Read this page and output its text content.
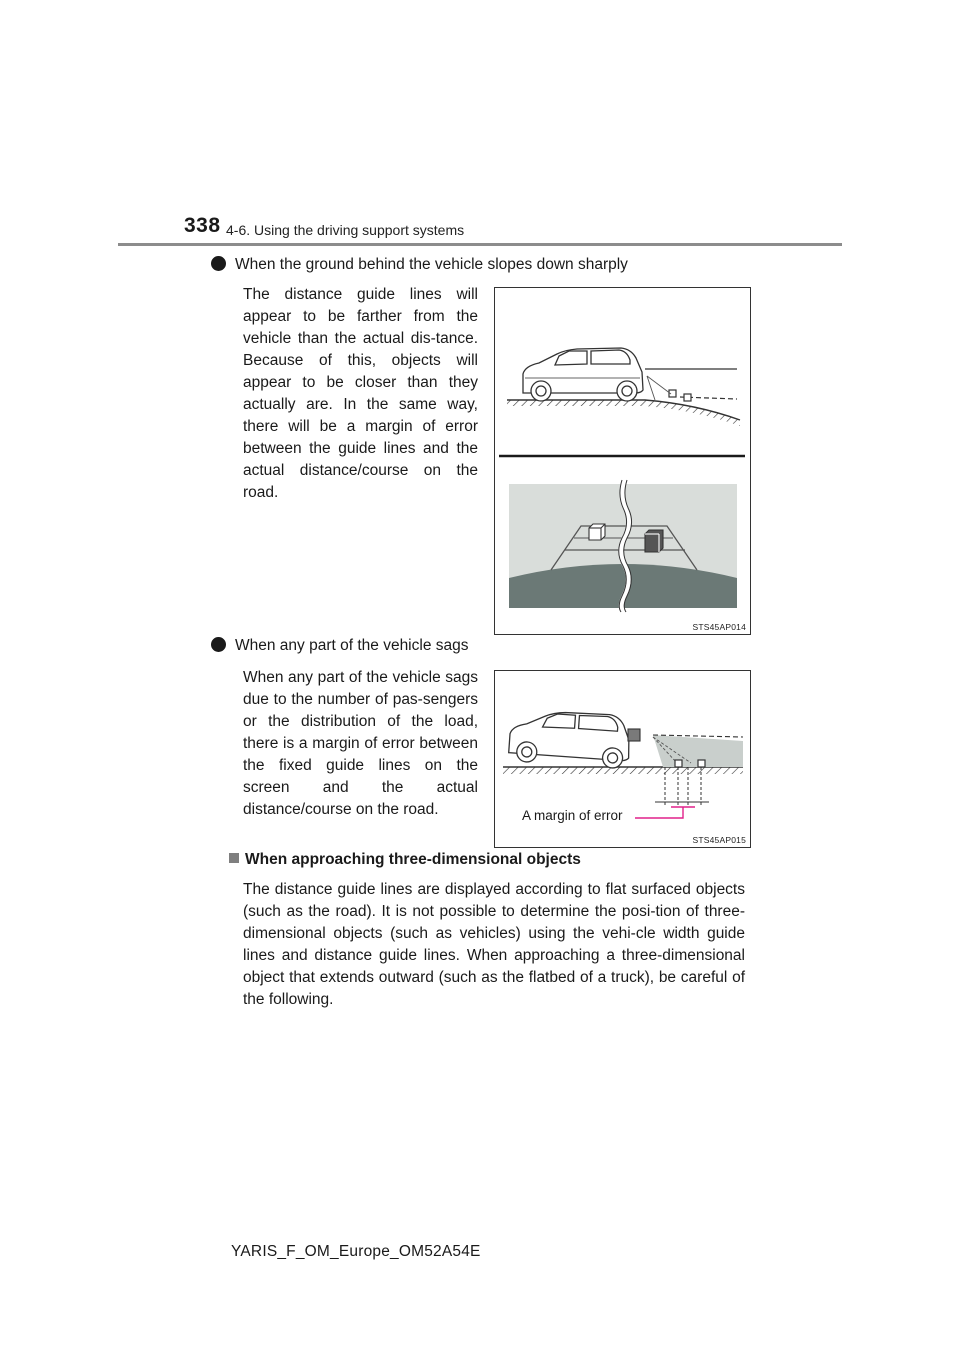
338 4-6. Using the driving support systems
When the ground behind the vehicle slopes down sharply
The distance guide lines will appear to be farther from the vehicle than the actual dis-tance. Because of this, objects will appear to be closer than they actually are. In the same way, there will be a margin of error between the guide lines and the actual distance/course on the road.
STS45AP014
When any part of the vehicle sags
When any part of the vehicle sags due to the number of pas-sengers or the distribution of the load, there is a margin of error between the fixed guide lines on the screen and the actual distance/course on the road.	A margin of error
STS45AP015
When approaching three-dimensional objects
The distance guide lines are displayed according to flat surfaced objects (such as the road). It is not possible to determine the posi-tion of three-dimensional objects (such as vehicles) using the vehi-cle width guide lines and distance guide lines. When approaching a three-dimensional object that extends outward (such as the flatbed of a truck), be careful of the following.
YARIS_F_OM_Europe_OM52A54E
